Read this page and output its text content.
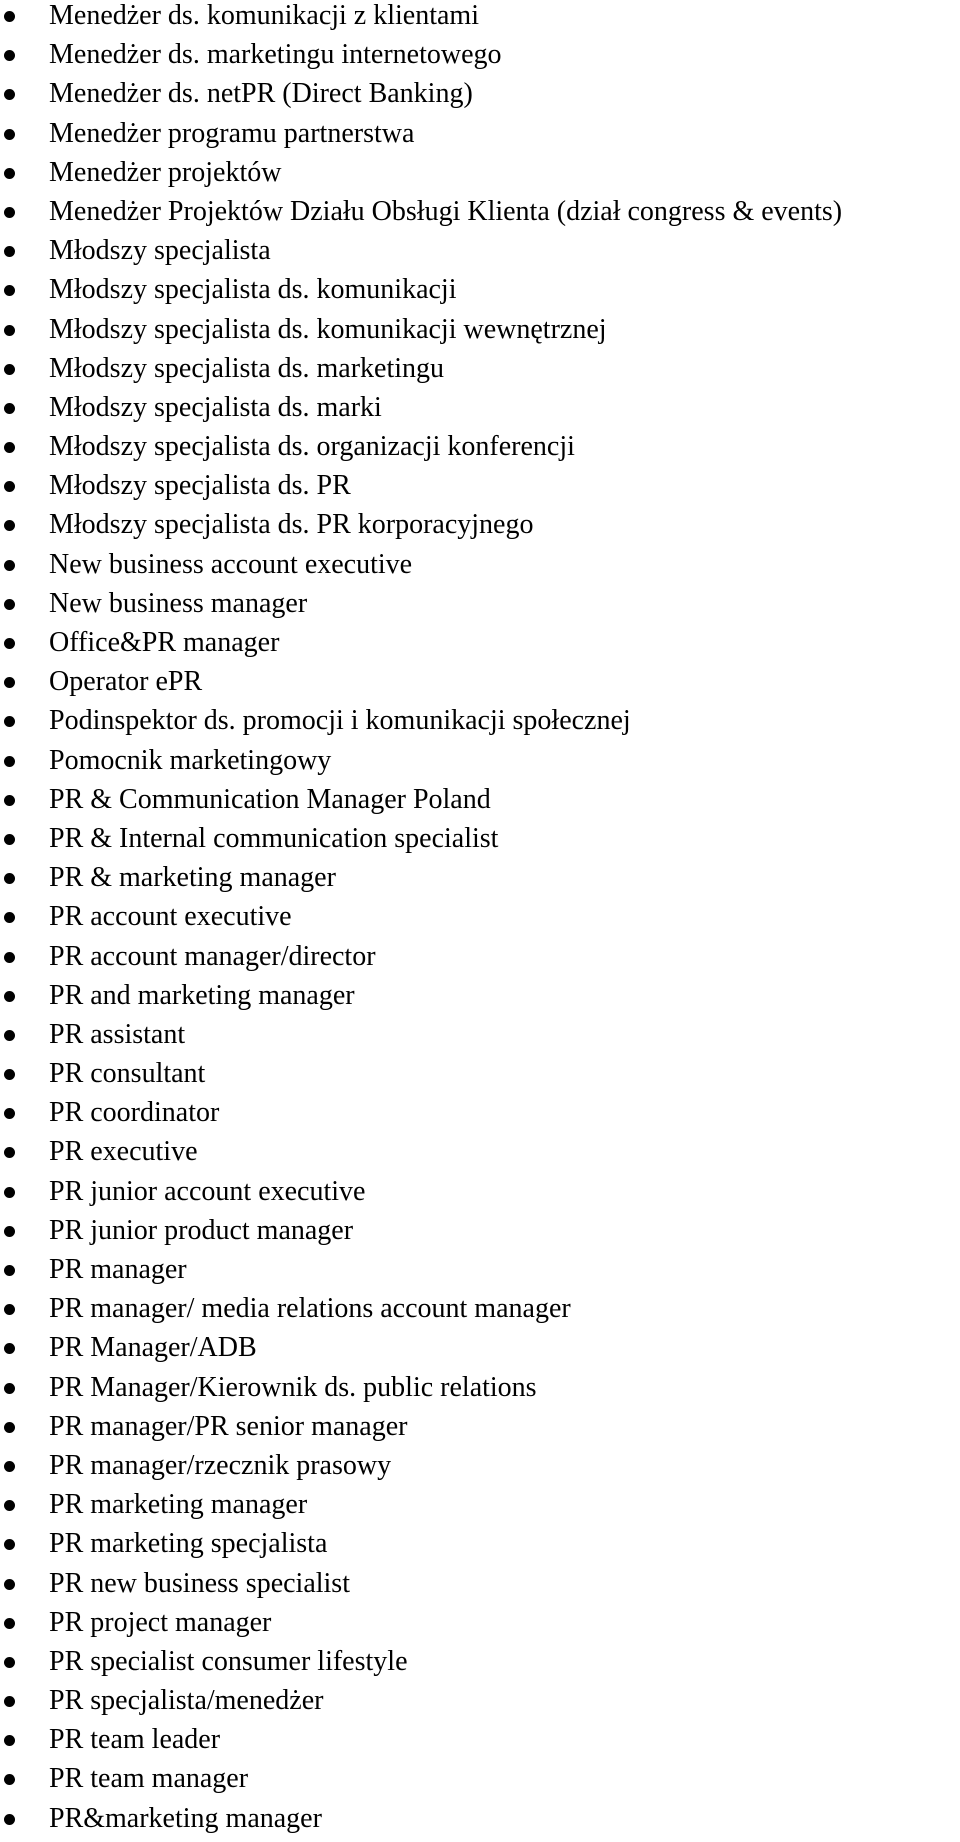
Menedżer ds. komunikacji z klientami
Menedżer ds. marketingu internetowego
Menedżer ds. netPR (Direct Banking)
Menedżer programu partnerstwa
Menedżer projektów
Menedżer Projektów Działu Obsługi Klienta (dział congress & events)
Młodszy specjalista
Młodszy specjalista ds. komunikacji
Młodszy specjalista ds. komunikacji wewnętrznej
Młodszy specjalista ds. marketingu
Młodszy specjalista ds. marki
Młodszy specjalista ds. organizacji konferencji
Młodszy specjalista ds. PR
Młodszy specjalista ds. PR korporacyjnego
New business account executive
New business manager
Office&PR manager
Operator ePR
Podinspektor ds. promocji i komunikacji społecznej
Pomocnik marketingowy
PR & Communication Manager Poland
PR & Internal communication specialist
PR & marketing manager
PR account executive
PR account manager/director
PR and marketing manager
PR assistant
PR consultant
PR coordinator
PR executive
PR junior account executive
PR junior product manager
PR manager
PR manager/ media relations account manager
PR Manager/ADB
PR Manager/Kierownik ds. public relations
PR manager/PR senior manager
PR manager/rzecznik prasowy
PR marketing manager
PR marketing specjalista
PR new business specialist
PR project manager
PR specialist consumer lifestyle
PR specjalista/menedżer
PR team leader
PR team manager
PR&marketing manager
